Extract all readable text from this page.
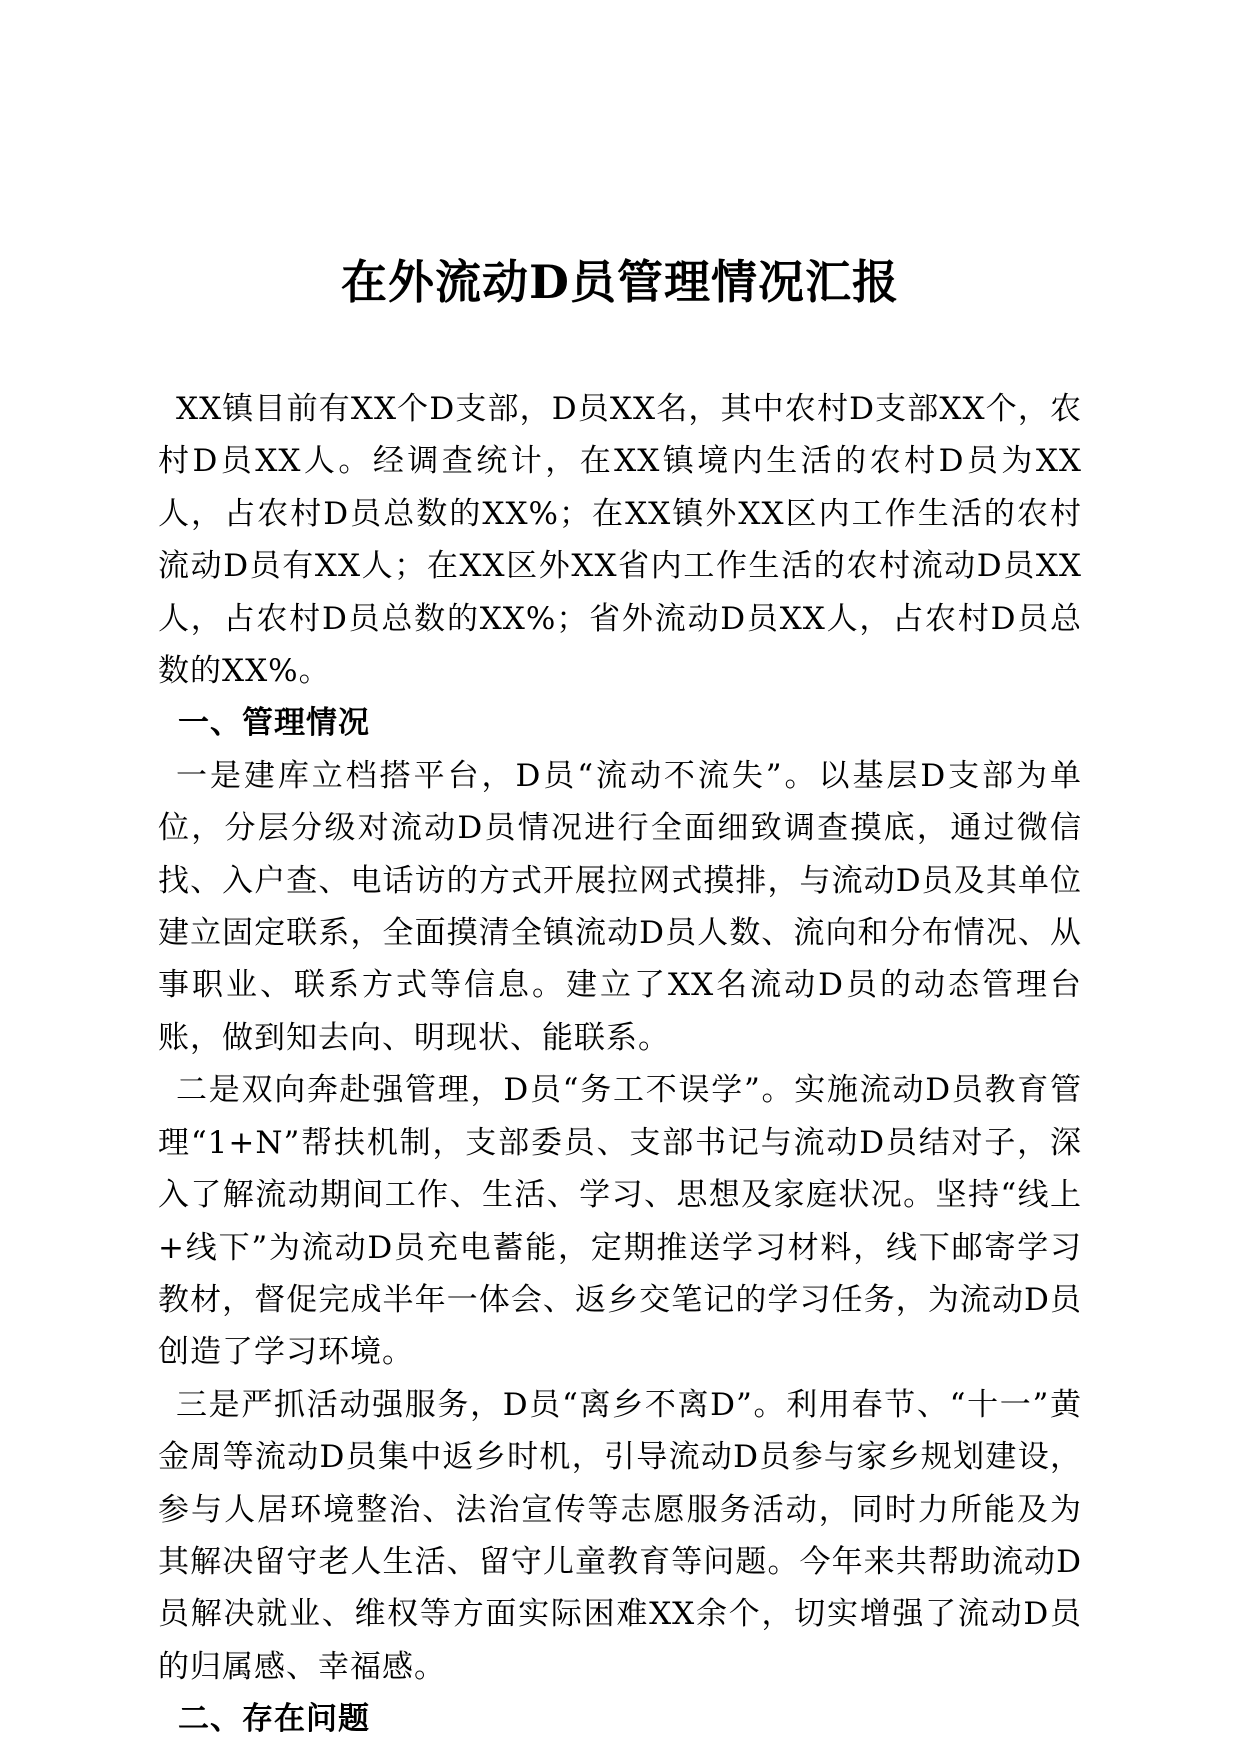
在外流动D员管理情况汇报

XX镇目前有XX个D支部，D员XX名，其中农村D支部XX个，农村D员XX人。经调查统计，在XX镇境内生活的农村D员为XX人，占农村D员总数的XX%；在XX镇外XX区内工作生活的农村流动D员有XX人；在XX区外XX省内工作生活的农村流动D员XX人，占农村D员总数的XX%；省外流动D员XX人，占农村D员总数的XX%。

一、管理情况

一是建库立档搭平台，D员“流动不流失”。以基层D支部为单位，分层分级对流动D员情况进行全面细致调查摸底，通过微信找、入户查、电话访的方式开展拉网式摸排，与流动D员及其单位建立固定联系，全面摸清全镇流动D员人数、流向和分布情况、从事职业、联系方式等信息。建立了XX名流动D员的动态管理台账，做到知去向、明现状、能联系。

二是双向奔赴强管理，D员“务工不误学”。实施流动D员教育管理“1+N”帮扶机制，支部委员、支部书记与流动D员结对子，深入了解流动期间工作、生活、学习、思想及家庭状况。坚持“线上+线下”为流动D员充电蓄能，定期推送学习材料，线下邮寄学习教材，督促完成半年一体会、返乡交笔记的学习任务，为流动D员创造了学习环境。

三是严抓活动强服务，D员“离乡不离D”。利用春节、“十一”黄金周等流动D员集中返乡时机，引导流动D员参与家乡规划建设，参与人居环境整治、法治宣传等志愿服务活动，同时力所能及为其解决留守老人生活、留守儿童教育等问题。今年来共帮助流动D员解决就业、维权等方面实际困难XX余个，切实增强了流动D员的归属感、幸福感。

二、存在问题
